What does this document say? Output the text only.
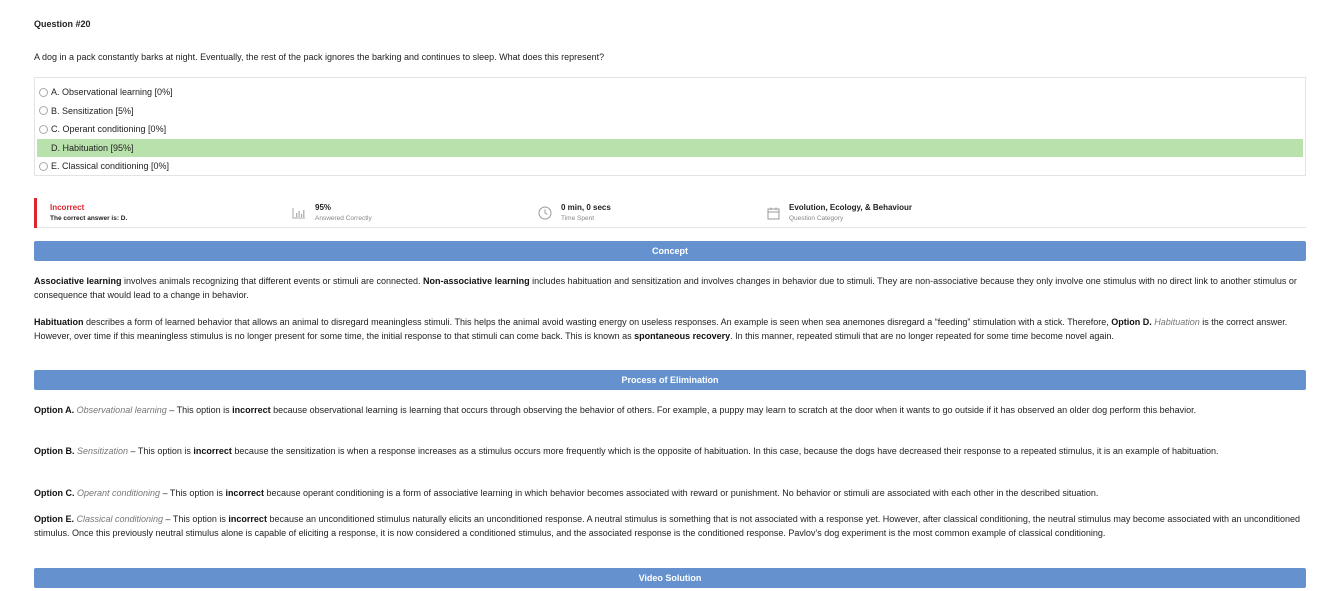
Question #20
A dog in a pack constantly barks at night. Eventually, the rest of the pack ignores the barking and continues to sleep. What does this represent?
A. Observational learning [0%]
B. Sensitization [5%]
C. Operant conditioning [0%]
D. Habituation [95%]
E. Classical conditioning [0%]
Incorrect
The correct answer is: D.
95%
Answered Correctly
0 min, 0 secs
Time Spent
Evolution, Ecology, & Behaviour
Question Category
Concept
Associative learning involves animals recognizing that different events or stimuli are connected. Non-associative learning includes habituation and sensitization and involves changes in behavior due to stimuli. They are non-associative because they only involve one stimulus with no direct link to another stimulus or consequence that would lead to a change in behavior.
Habituation describes a form of learned behavior that allows an animal to disregard meaningless stimuli. This helps the animal avoid wasting energy on useless responses. An example is seen when sea anemones disregard a “feeding” stimulation with a stick. Therefore, Option D. Habituation is the correct answer. However, over time if this meaningless stimulus is no longer present for some time, the initial response to that stimuli can come back. This is known as spontaneous recovery. In this manner, repeated stimuli that are no longer repeated for some time become novel again.
Process of Elimination
Option A. Observational learning – This option is incorrect because observational learning is learning that occurs through observing the behavior of others. For example, a puppy may learn to scratch at the door when it wants to go outside if it has observed an older dog perform this behavior.
Option B. Sensitization – This option is incorrect because the sensitization is when a response increases as a stimulus occurs more frequently which is the opposite of habituation. In this case, because the dogs have decreased their response to a repeated stimulus, it is an example of habituation.
Option C. Operant conditioning – This option is incorrect because operant conditioning is a form of associative learning in which behavior becomes associated with reward or punishment. No behavior or stimuli are associated with each other in the described situation.
Option E. Classical conditioning – This option is incorrect because an unconditioned stimulus naturally elicits an unconditioned response. A neutral stimulus is something that is not associated with a response yet. However, after classical conditioning, the neutral stimulus may become associated with an unconditioned stimulus. Once this previously neutral stimulus alone is capable of eliciting a response, it is now considered a conditioned stimulus, and the associated response is the conditioned response. Pavlov’s dog experiment is the most common example of classical conditioning.
Video Solution
